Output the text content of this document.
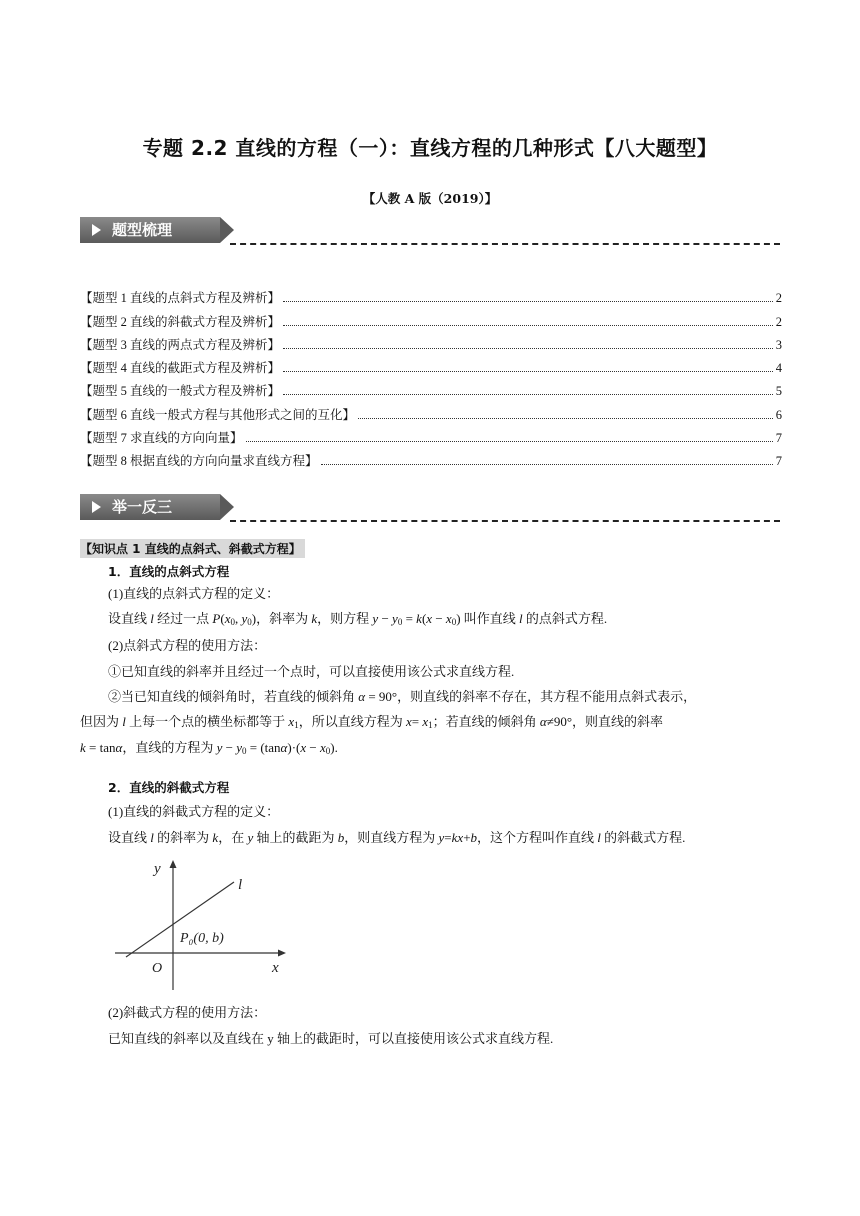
专题 2.2 直线的方程（一）：直线方程的几种形式【八大题型】
【人教 A 版（2019）】
题型梳理
【题型 1 直线的点斜式方程及辨析】	2
【题型 2 直线的斜截式方程及辨析】	2
【题型 3 直线的两点式方程及辨析】	3
【题型 4 直线的截距式方程及辨析】	4
【题型 5 直线的一般式方程及辨析】	5
【题型 6 直线一般式方程与其他形式之间的互化】	6
【题型 7 求直线的方向向量】	7
【题型 8 根据直线的方向向量求直线方程】	7
举一反三
【知识点 1 直线的点斜式、斜截式方程】
1．直线的点斜式方程
(1)直线的点斜式方程的定义：
设直线 l 经过一点 $P(x_0$, $y_0$)，斜率为 k，则方程 $y - y_0 = k(x - x_0)$ 叫作直线 l 的点斜式方程.
(2)点斜式方程的使用方法：
①已知直线的斜率并且经过一个点时，可以直接使用该公式求直线方程.
②当已知直线的倾斜角时，若直线的倾斜角 α = 90°，则直线的斜率不存在，其方程不能用点斜式表示，
但因为 l 上每一个点的横坐标都等于 $x_1$，所以直线方程为 $x= x_1$；若直线的倾斜角 α≠90°，则直线的斜率
k = tanα，直线的方程为 $y - y_0 = (\tan\alpha)\cdot(x - x_0)$.
2．直线的斜截式方程
(1)直线的斜截式方程的定义：
设直线 l 的斜率为 k，在 y 轴上的截距为 b，则直线方程为 y=kx+b，这个方程叫作直线 l 的斜截式方程.
y
x
O
l
P₀(0, b)
(2)斜截式方程的使用方法：
已知直线的斜率以及直线在 y 轴上的截距时，可以直接使用该公式求直线方程.
